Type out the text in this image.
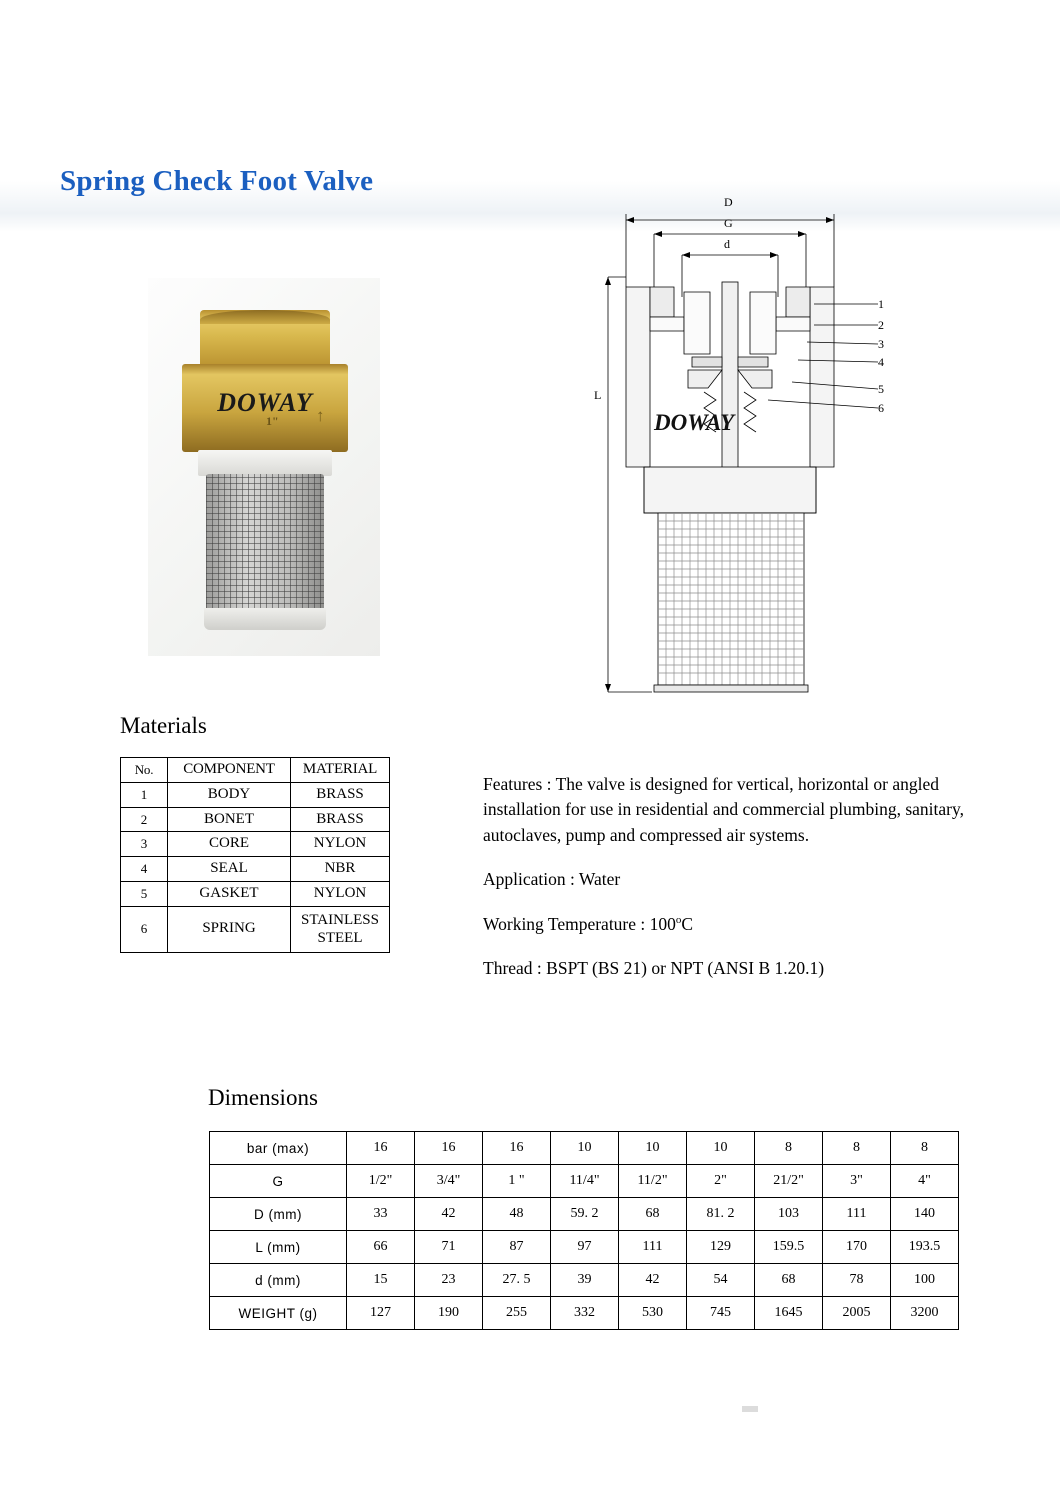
Spring Check Foot Valve
1" ↑
DOWAY
1
2
3
4
5
6
D
G
d
L
DOWAY
Materials
No.	COMPONENT	MATERIAL
1	BODY	BRASS
2	BONET	BRASS
3	CORE	NYLON
4	SEAL	NBR
5	GASKET	NYLON
6	SPRING	STAINLESS STEEL

Features : The valve is designed for vertical, horizontal or angled installation for use in residential and commercial plumbing, sanitary, autoclaves, pump and compressed air systems.

Application : Water

Working Temperature : 100$^o$C

Thread : BSPT (BS 21) or NPT (ANSI B 1.20.1)

Dimensions
bar (max)	16	16	16	10	10	10	8	8	8
G	1/2"	3/4"	1 "	11/4"	11/2"	2"	21/2"	3"	4"
D (mm)	33	42	48	59. 2	68	81. 2	103	111	140
L (mm)	66	71	87	97	111	129	159.5	170	193.5
d (mm)	15	23	27. 5	39	42	54	68	78	100
WEIGHT (g)	127	190	255	332	530	745	1645	2005	3200
